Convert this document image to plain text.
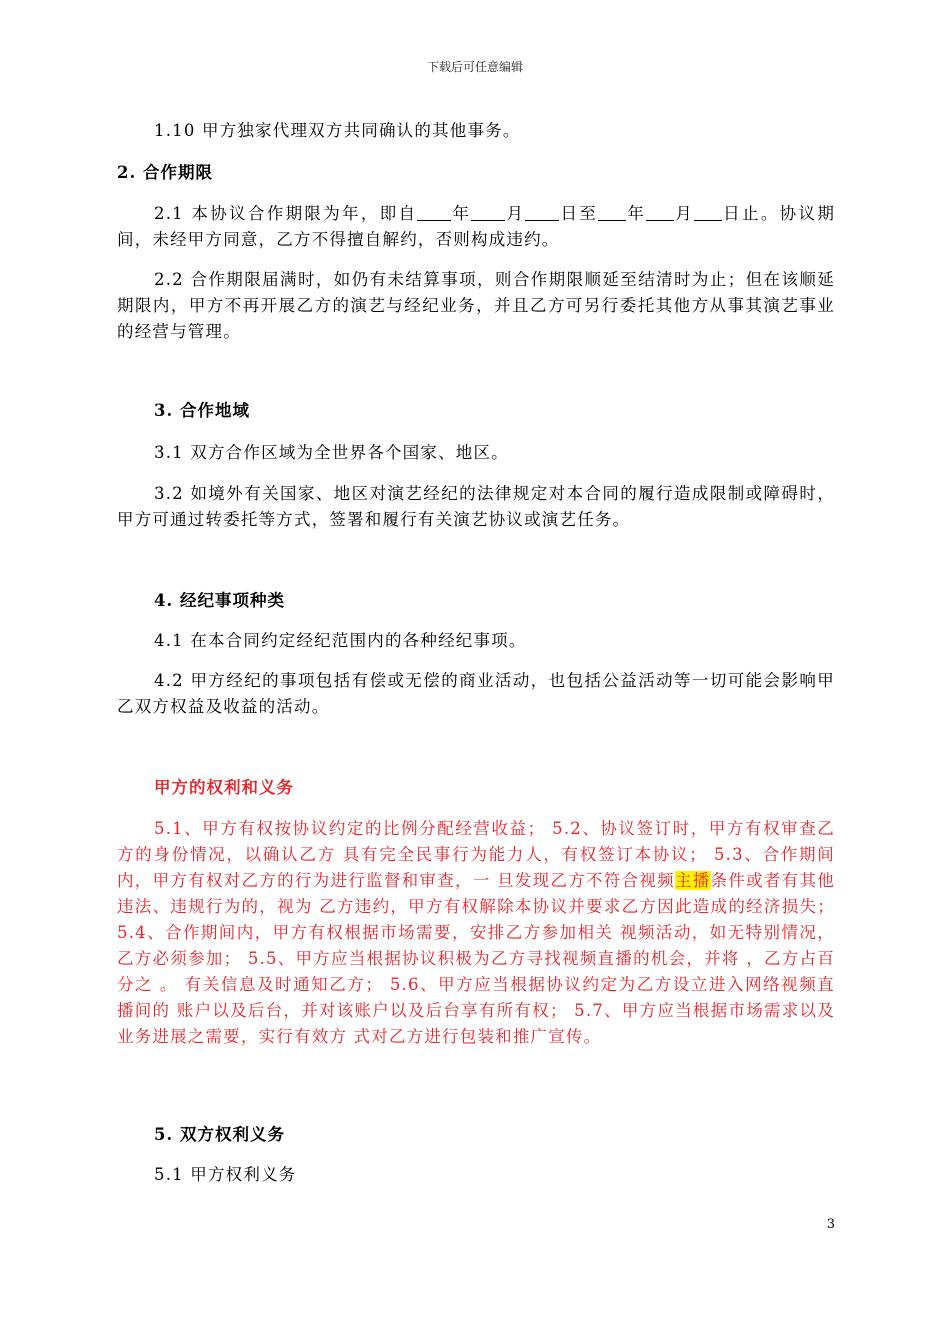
下载后可任意编辑

1.10 甲方独家代理双方共同确认的其他事务。

2. 合作期限

2.1 本协议合作期限为年，即自 年 月 日至 年 月 日止。协议期间，未经甲方同意，乙方不得擅自解约，否则构成违约。

2.2 合作期限届满时，如仍有未结算事项，则合作期限顺延至结清时为止；但在该顺延期限内，甲方不再开展乙方的演艺与经纪业务，并且乙方可另行委托其他方从事其演艺事业的经营与管理。

3. 合作地域

3.1 双方合作区域为全世界各个国家、地区。

3.2 如境外有关国家、地区对演艺经纪的法律规定对本合同的履行造成限制或障碍时，甲方可通过转委托等方式，签署和履行有关演艺协议或演艺任务。

4. 经纪事项种类

4.1 在本合同约定经纪范围内的各种经纪事项。

4.2 甲方经纪的事项包括有偿或无偿的商业活动，也包括公益活动等一切可能会影响甲乙双方权益及收益的活动。

甲方的权利和义务

5.1、甲方有权按协议约定的比例分配经营收益； 5.2、协议签订时，甲方有权审查乙方的身份情况，以确认乙方 具有完全民事行为能力人，有权签订本协议； 5.3、合作期间内，甲方有权对乙方的行为进行监督和审查，一 旦发现乙方不符合视频主播条件或者有其他违法、违规行为的，视为 乙方违约，甲方有权解除本协议并要求乙方因此造成的经济损失； 5.4、合作期间内，甲方有权根据市场需要，安排乙方参加相关 视频活动，如无特别情况，乙方必须参加； 5.5、甲方应当根据协议积极为乙方寻找视频直播的机会，并将 ，乙方占百分之 。 有关信息及时通知乙方； 5.6、甲方应当根据协议约定为乙方设立进入网络视频直播间的 账户以及后台，并对该账户以及后台享有所有权； 5.7、甲方应当根据市场需求以及业务进展之需要，实行有效方 式对乙方进行包装和推广宣传。

5. 双方权利义务

5.1 甲方权利义务

3
